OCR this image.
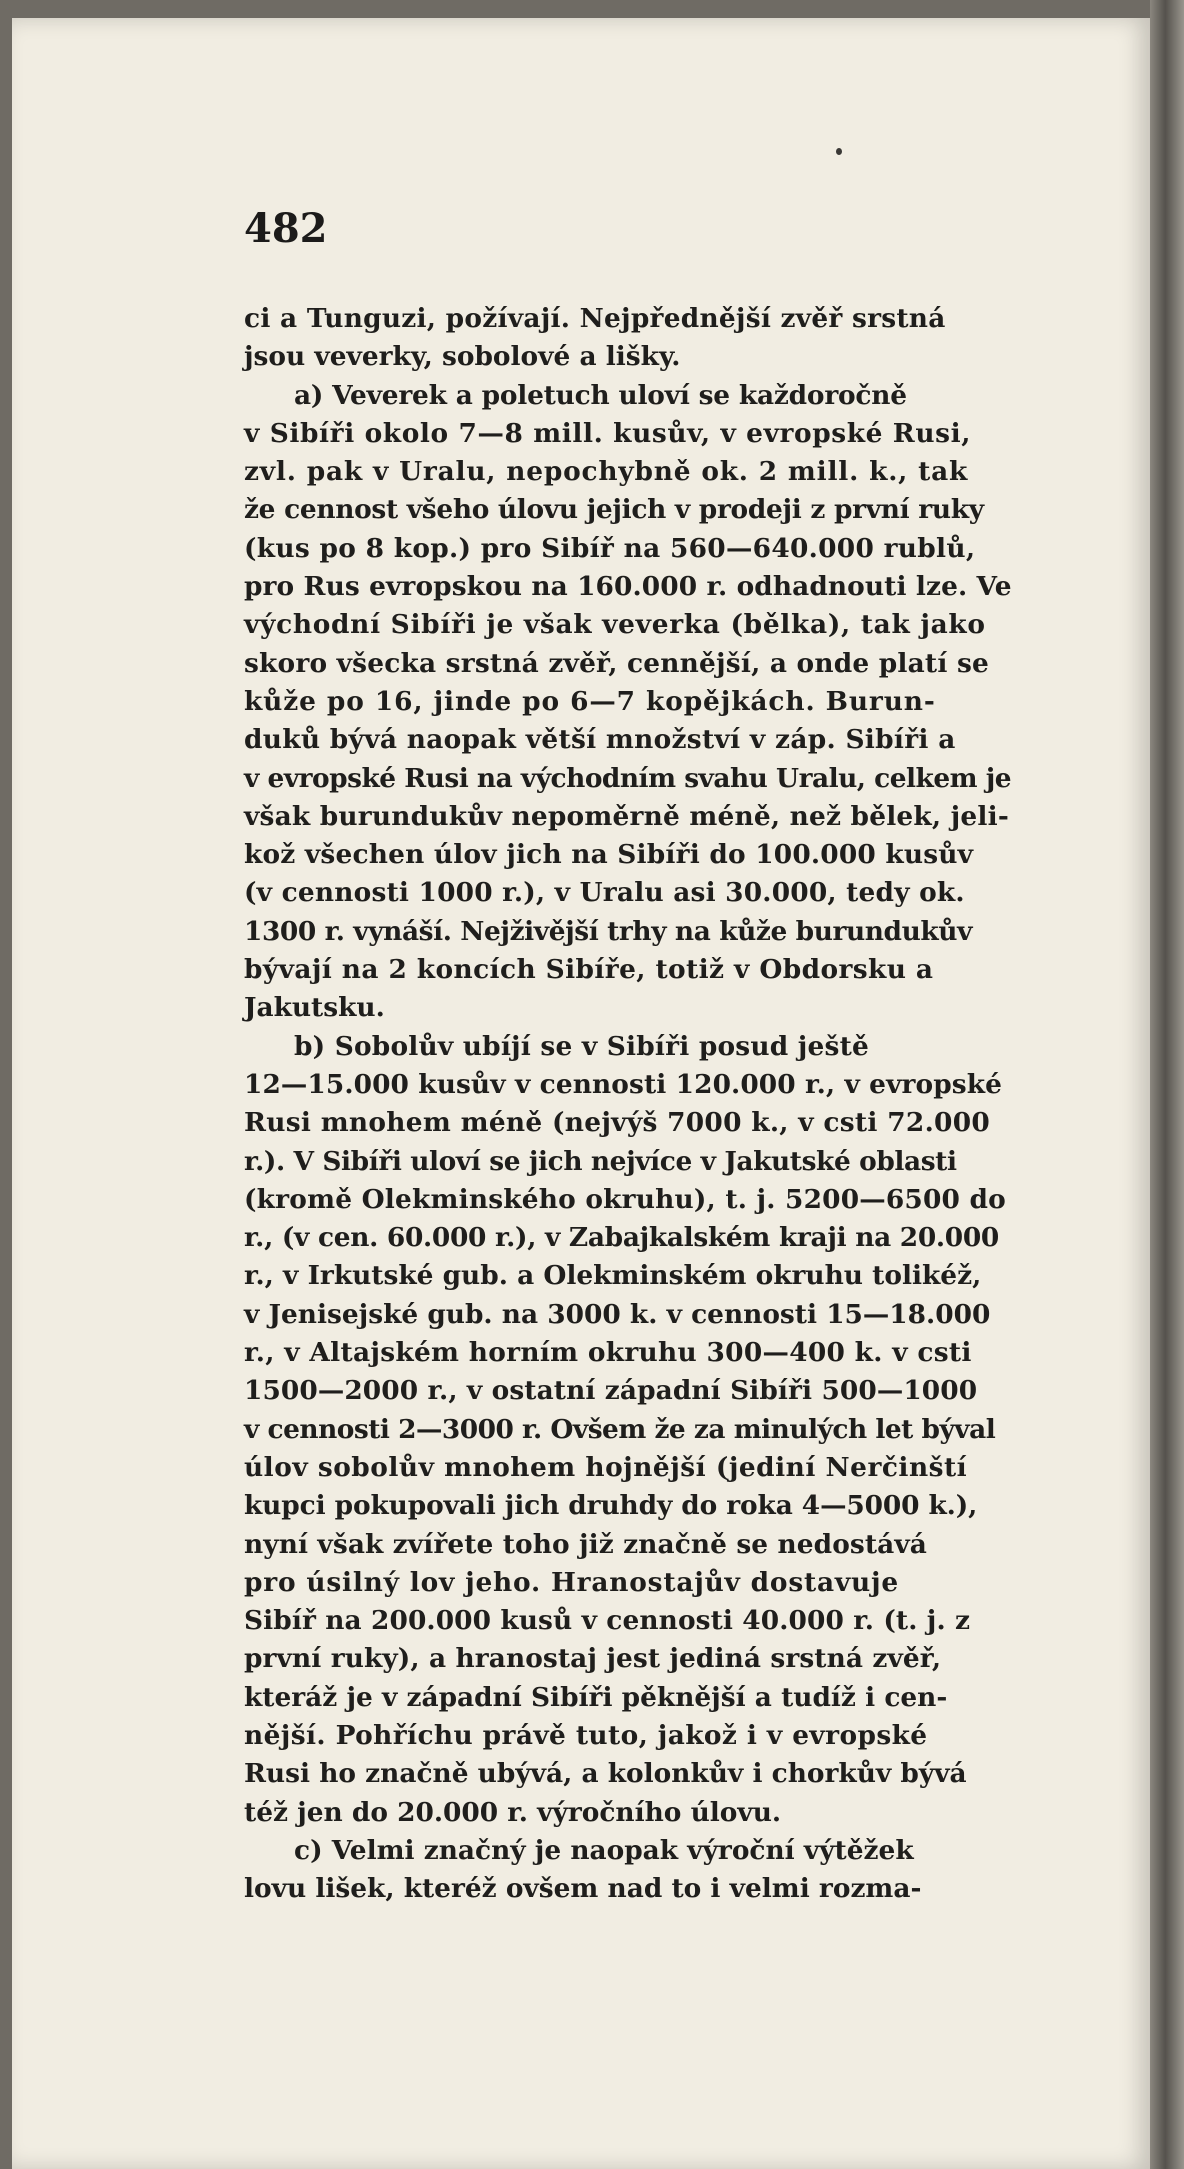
482
ci a Tunguzi, požívají. Nejpřednější zvěř srstná
jsou veverky, sobolové a lišky.
a) Veverek a poletuch uloví se každoročně
v Sibíři okolo 7—8 mill. kusův, v evropské Rusi,
zvl. pak v Uralu, nepochybně ok. 2 mill. k., tak
že cennost všeho úlovu jejich v prodeji z první ruky
(kus po 8 kop.) pro Sibíř na 560—640.000 rublů,
pro Rus evropskou na 160.000 r. odhadnouti lze. Ve
východní Sibíři je však veverka (bělka), tak jako
skoro všecka srstná zvěř, cennější, a onde platí se
kůže po 16, jinde po 6—7 kopějkách. Burun-
duků bývá naopak větší množství v záp. Sibíři a
v evropské Rusi na východním svahu Uralu, celkem je
však burundukův nepoměrně méně, než bělek, jeli-
kož všechen úlov jich na Sibíři do 100.000 kusův
(v cennosti 1000 r.), v Uralu asi 30.000, tedy ok.
1300 r. vynáší. Nejživější trhy na kůže burundukův
bývají na 2 koncích Sibíře, totiž v Obdorsku a
Jakutsku.
b) Sobolův ubíjí se v Sibíři posud ještě
12—15.000 kusův v cennosti 120.000 r., v evropské
Rusi mnohem méně (nejvýš 7000 k., v csti 72.000
r.). V Sibíři uloví se jich nejvíce v Jakutské oblasti
(kromě Olekminského okruhu), t. j. 5200—6500 do
r., (v cen. 60.000 r.), v Zabajkalském kraji na 20.000
r., v Irkutské gub. a Olekminském okruhu tolikéž,
v Jenisejské gub. na 3000 k. v cennosti 15—18.000
r., v Altajském horním okruhu 300—400 k. v csti
1500—2000 r., v ostatní západní Sibíři 500—1000
v cennosti 2—3000 r. Ovšem že za minulých let býval
úlov sobolův mnohem hojnější (jediní Nerčinští
kupci pokupovali jich druhdy do roka 4—5000 k.),
nyní však zvířete toho již značně se nedostává
pro úsilný lov jeho. Hranostajův dostavuje
Sibíř na 200.000 kusů v cennosti 40.000 r. (t. j. z
první ruky), a hranostaj jest jediná srstná zvěř,
kteráž je v západní Sibíři pěknější a tudíž i cen-
nější. Pohříchu právě tuto, jakož i v evropské
Rusi ho značně ubývá, a kolonkův i chorkův bývá
též jen do 20.000 r. výročního úlovu.
c) Velmi značný je naopak výroční výtěžek
lovu lišek, kteréž ovšem nad to i velmi rozma-
